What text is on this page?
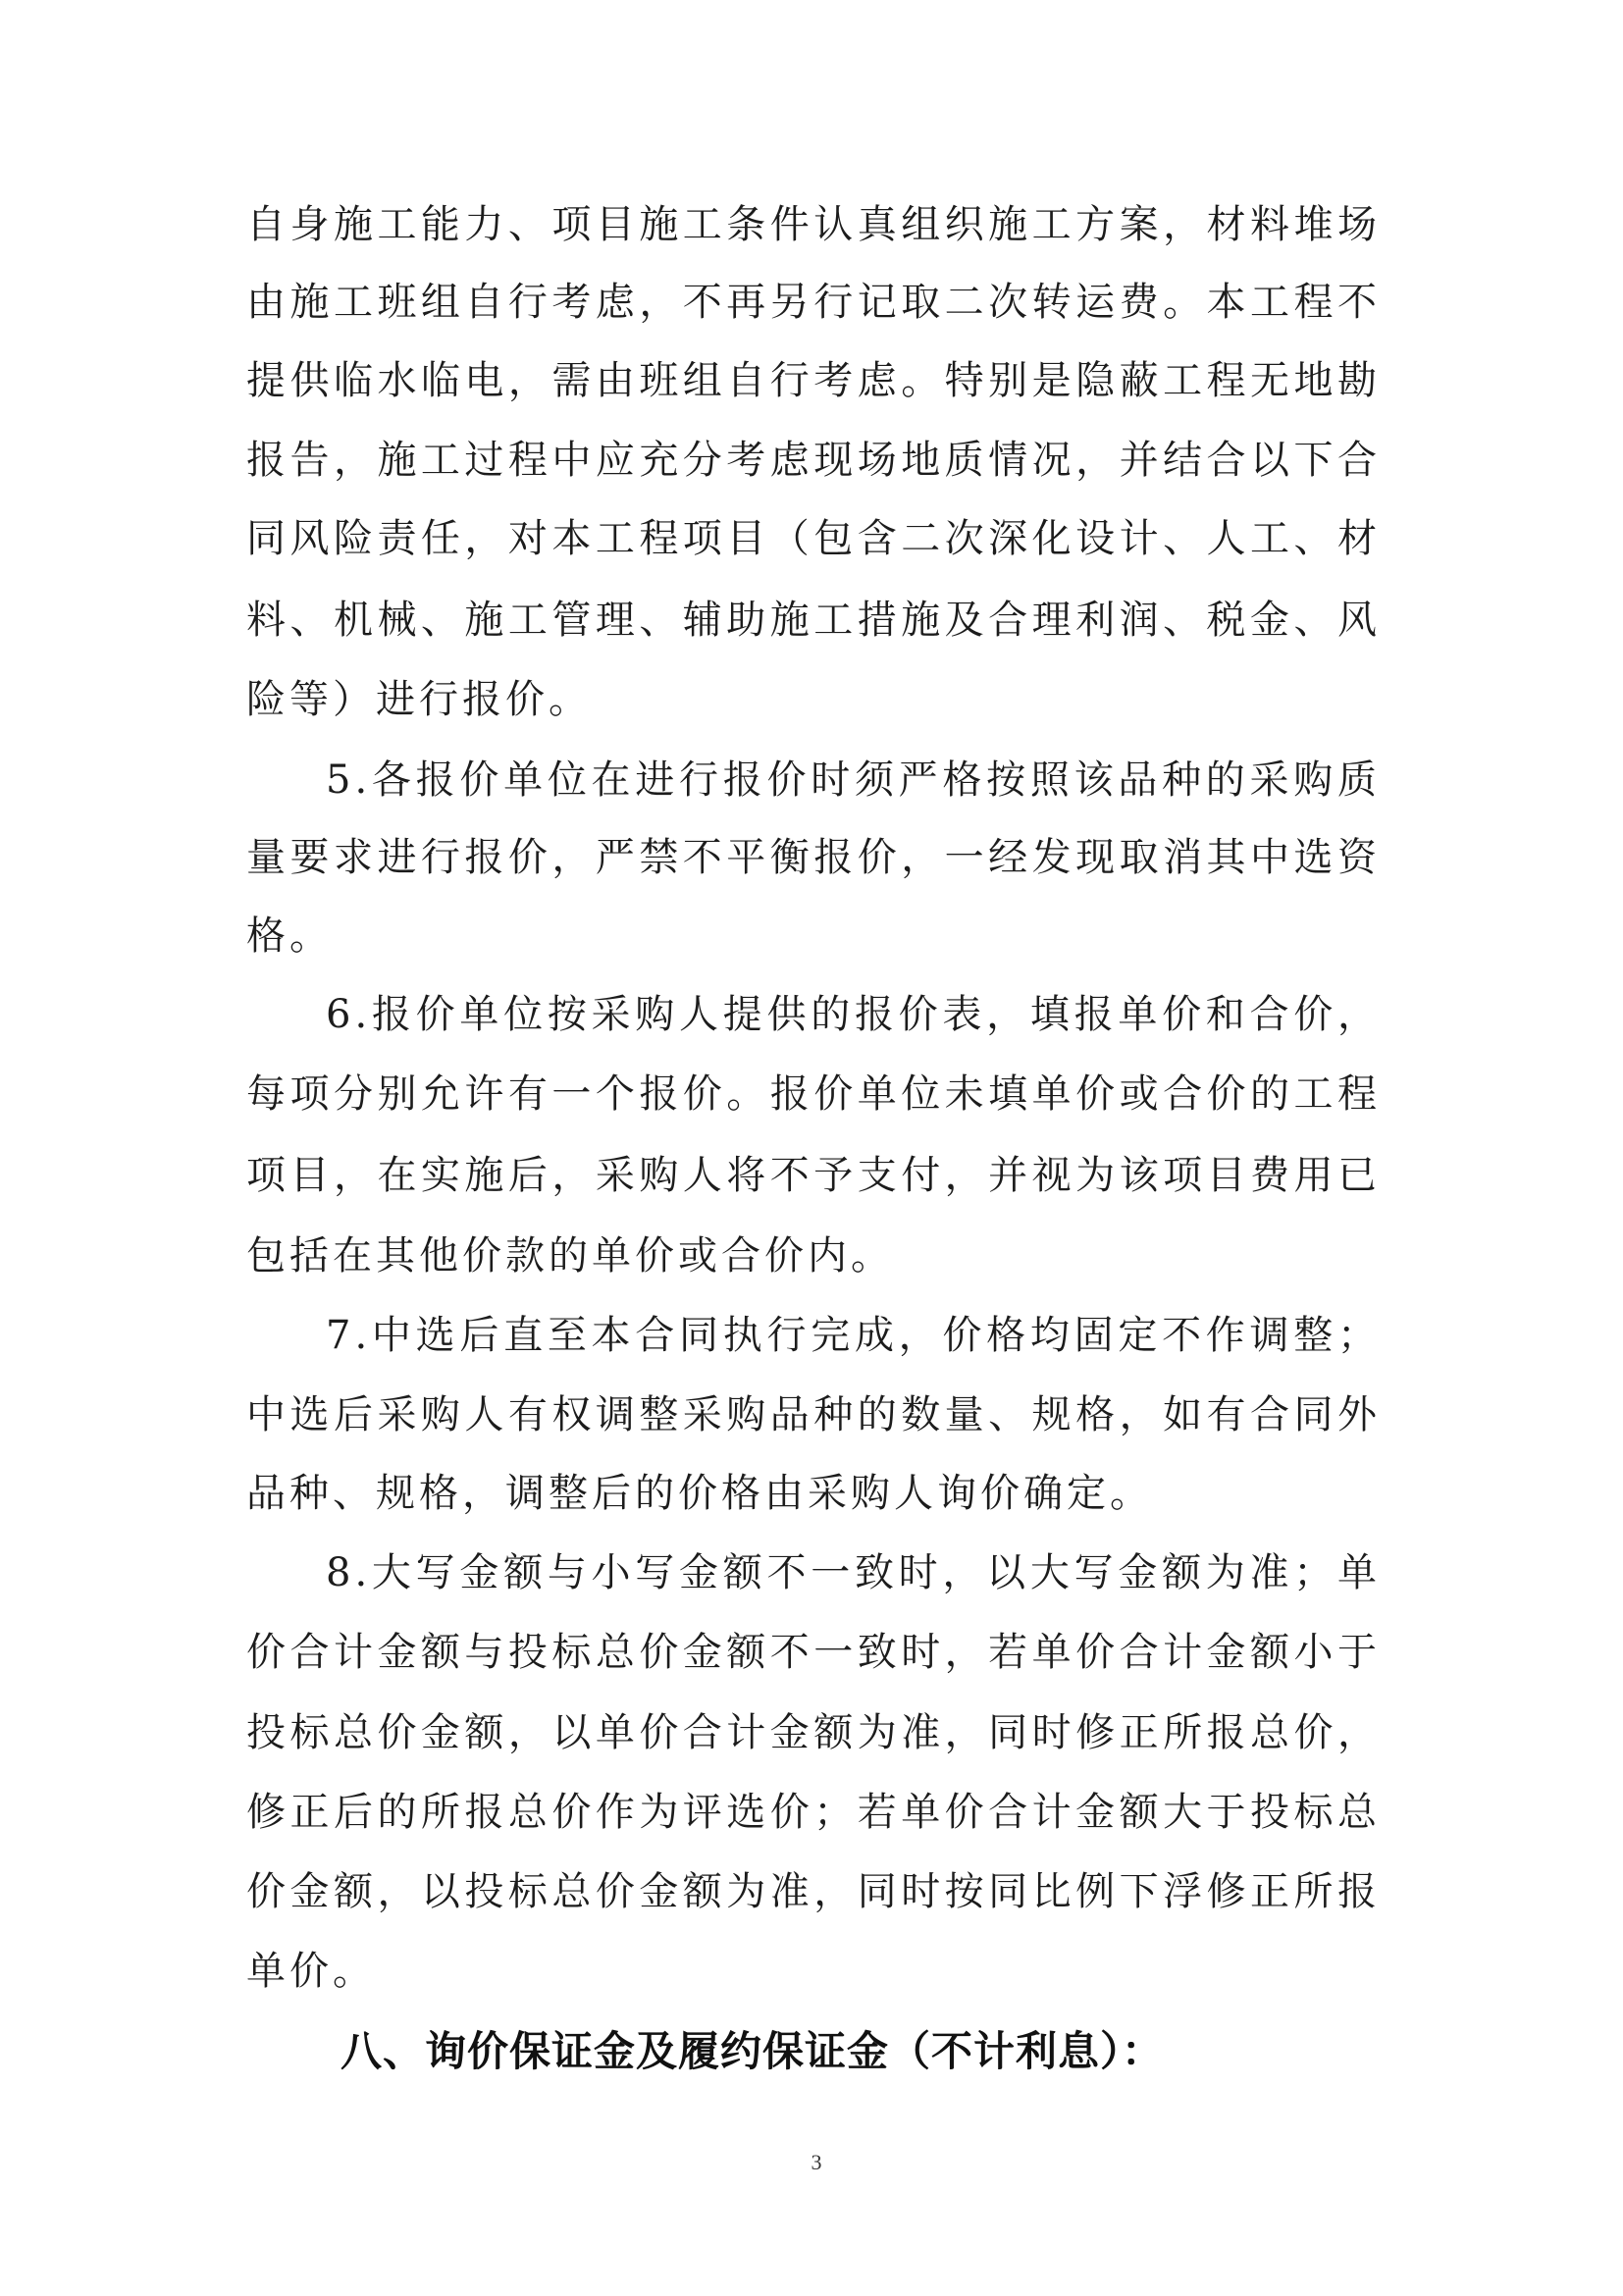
自身施工能力、项目施工条件认真组织施工方案，材料堆场
由施工班组自行考虑，不再另行记取二次转运费。本工程不
提供临水临电，需由班组自行考虑。特别是隐蔽工程无地勘
报告，施工过程中应充分考虑现场地质情况，并结合以下合
同风险责任，对本工程项目（包含二次深化设计、人工、材
料、机械、施工管理、辅助施工措施及合理利润、税金、风
险等）进行报价。
5.各报价单位在进行报价时须严格按照该品种的采购质
量要求进行报价，严禁不平衡报价，一经发现取消其中选资
格。
6.报价单位按采购人提供的报价表，填报单价和合价，
每项分别允许有一个报价。报价单位未填单价或合价的工程
项目，在实施后，采购人将不予支付，并视为该项目费用已
包括在其他价款的单价或合价内。
7.中选后直至本合同执行完成，价格均固定不作调整；
中选后采购人有权调整采购品种的数量、规格，如有合同外
品种、规格，调整后的价格由采购人询价确定。
8.大写金额与小写金额不一致时，以大写金额为准；单
价合计金额与投标总价金额不一致时，若单价合计金额小于
投标总价金额，以单价合计金额为准，同时修正所报总价，
修正后的所报总价作为评选价；若单价合计金额大于投标总
价金额，以投标总价金额为准，同时按同比例下浮修正所报
单价。
八、询价保证金及履约保证金（不计利息）：
3
